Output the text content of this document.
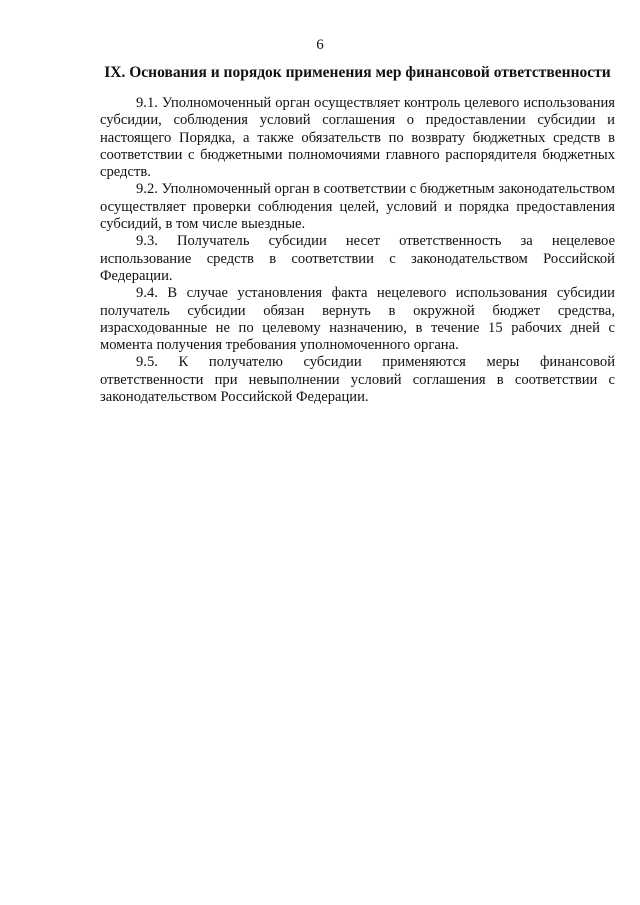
6
IX. Основания и порядок применения мер финансовой ответственности

9.1. Уполномоченный орган осуществляет контроль целевого использования субсидии, соблюдения условий соглашения о предоставлении субсидии и настоящего Порядка, а также обязательств по возврату бюджетных средств в соответствии с бюджетными полномочиями главного распорядителя бюджетных средств.

9.2. Уполномоченный орган в соответствии с бюджетным законодательством осуществляет проверки соблюдения целей, условий и порядка предоставления субсидий, в том числе выездные.

9.3. Получатель субсидии несет ответственность за нецелевое использование средств в соответствии с законодательством Российской Федерации.

9.4. В случае установления факта нецелевого использования субсидии получатель субсидии обязан вернуть в окружной бюджет средства, израсходованные не по целевому назначению, в течение 15 рабочих дней с момента получения требования уполномоченного органа.

9.5. К получателю субсидии применяются меры финансовой ответственности при невыполнении условий соглашения в соответствии с законодательством Российской Федерации.
